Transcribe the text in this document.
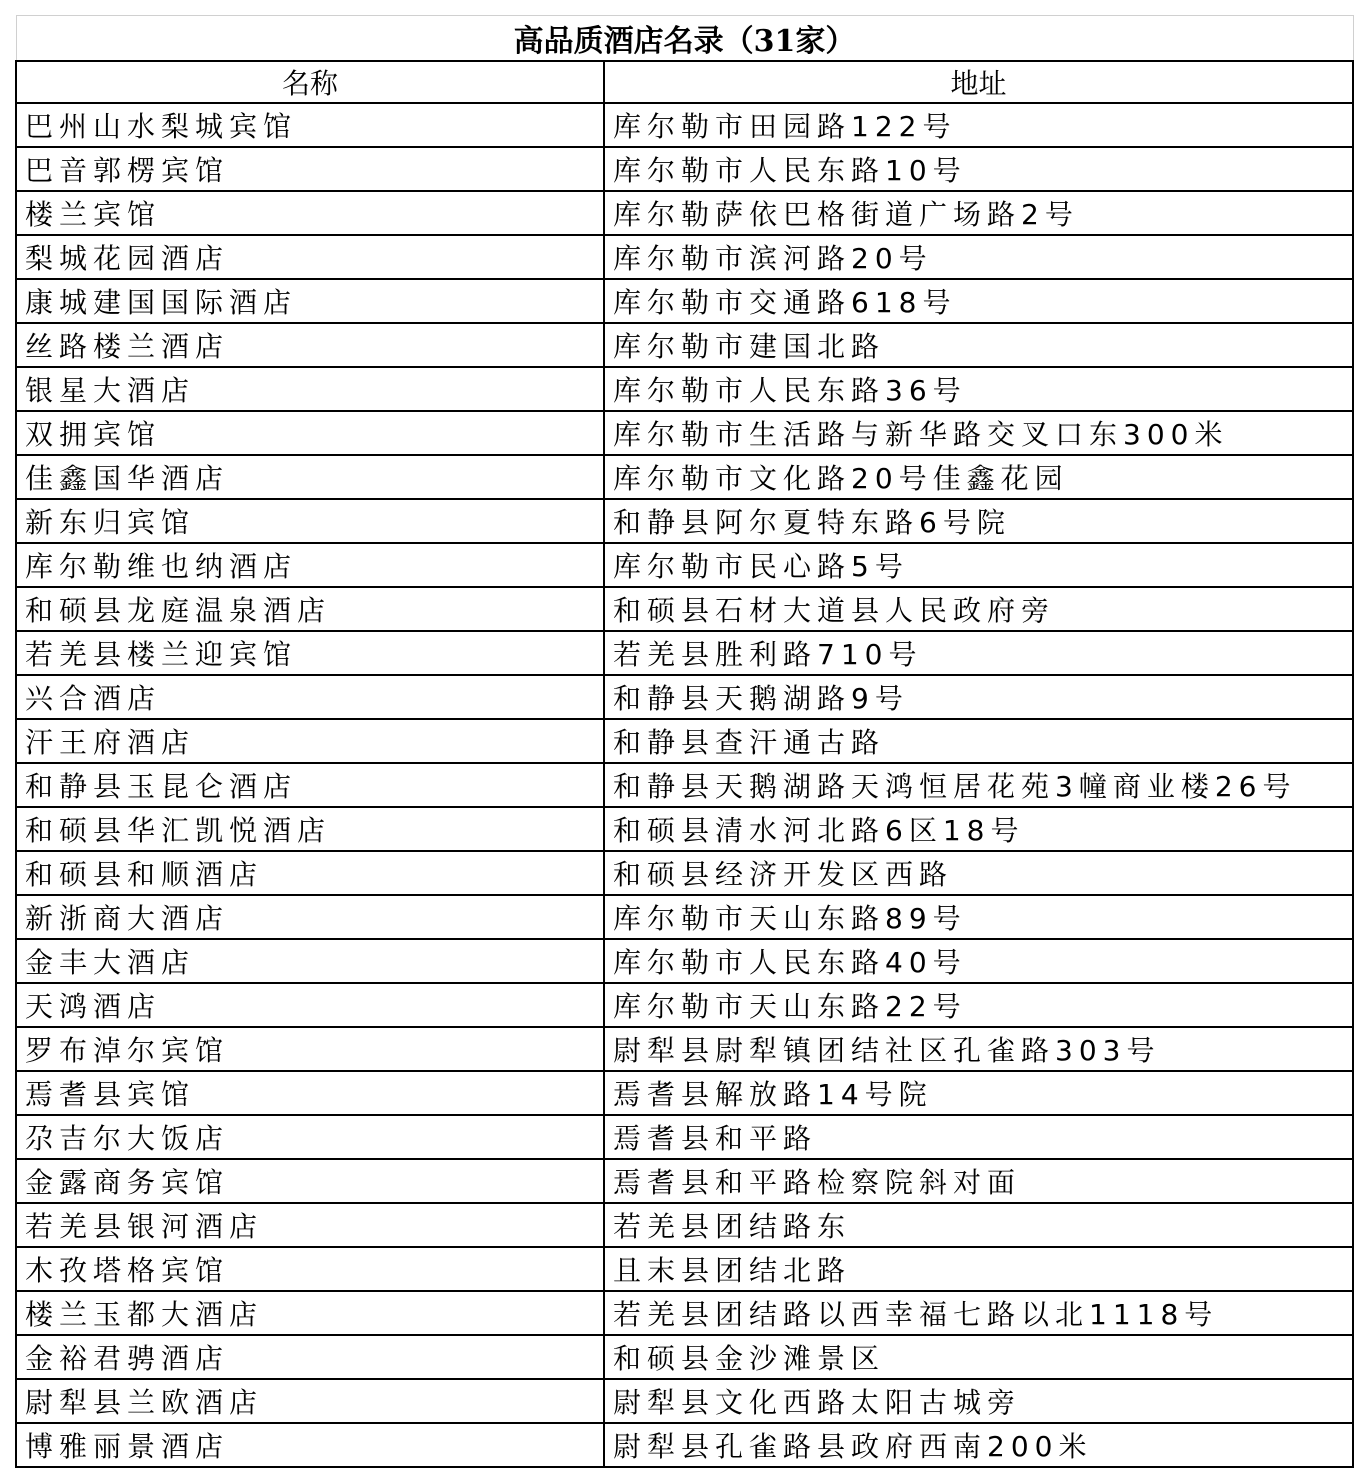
高品质酒店名录（31家）	
名称	地址
巴州山水梨城宾馆	库尔勒市田园路122号
巴音郭楞宾馆	库尔勒市人民东路10号
楼兰宾馆	库尔勒萨依巴格街道广场路2号
梨城花园酒店	库尔勒市滨河路20号
康城建国国际酒店	库尔勒市交通路618号
丝路楼兰酒店	库尔勒市建国北路
银星大酒店	库尔勒市人民东路36号
双拥宾馆	库尔勒市生活路与新华路交叉口东300米
佳鑫国华酒店	库尔勒市文化路20号佳鑫花园
新东归宾馆	和静县阿尔夏特东路6号院
库尔勒维也纳酒店	库尔勒市民心路5号
和硕县龙庭温泉酒店	和硕县石材大道县人民政府旁
若羌县楼兰迎宾馆	若羌县胜利路710号
兴合酒店	和静县天鹅湖路9号
汗王府酒店	和静县查汗通古路
和静县玉昆仑酒店	和静县天鹅湖路天鸿恒居花苑3幢商业楼26号
和硕县华汇凯悦酒店	和硕县清水河北路6区18号
和硕县和顺酒店	和硕县经济开发区西路
新浙商大酒店	库尔勒市天山东路89号
金丰大酒店	库尔勒市人民东路40号
天鸿酒店	库尔勒市天山东路22号
罗布淖尔宾馆	尉犁县尉犁镇团结社区孔雀路303号
焉耆县宾馆	焉耆县解放路14号院
尕吉尔大饭店	焉耆县和平路
金露商务宾馆	焉耆县和平路检察院斜对面
若羌县银河酒店	若羌县团结路东
木孜塔格宾馆	且末县团结北路
楼兰玉都大酒店	若羌县团结路以西幸福七路以北1118号
金裕君骋酒店	和硕县金沙滩景区
尉犁县兰欧酒店	尉犁县文化西路太阳古城旁
博雅丽景酒店	尉犁县孔雀路县政府西南200米
